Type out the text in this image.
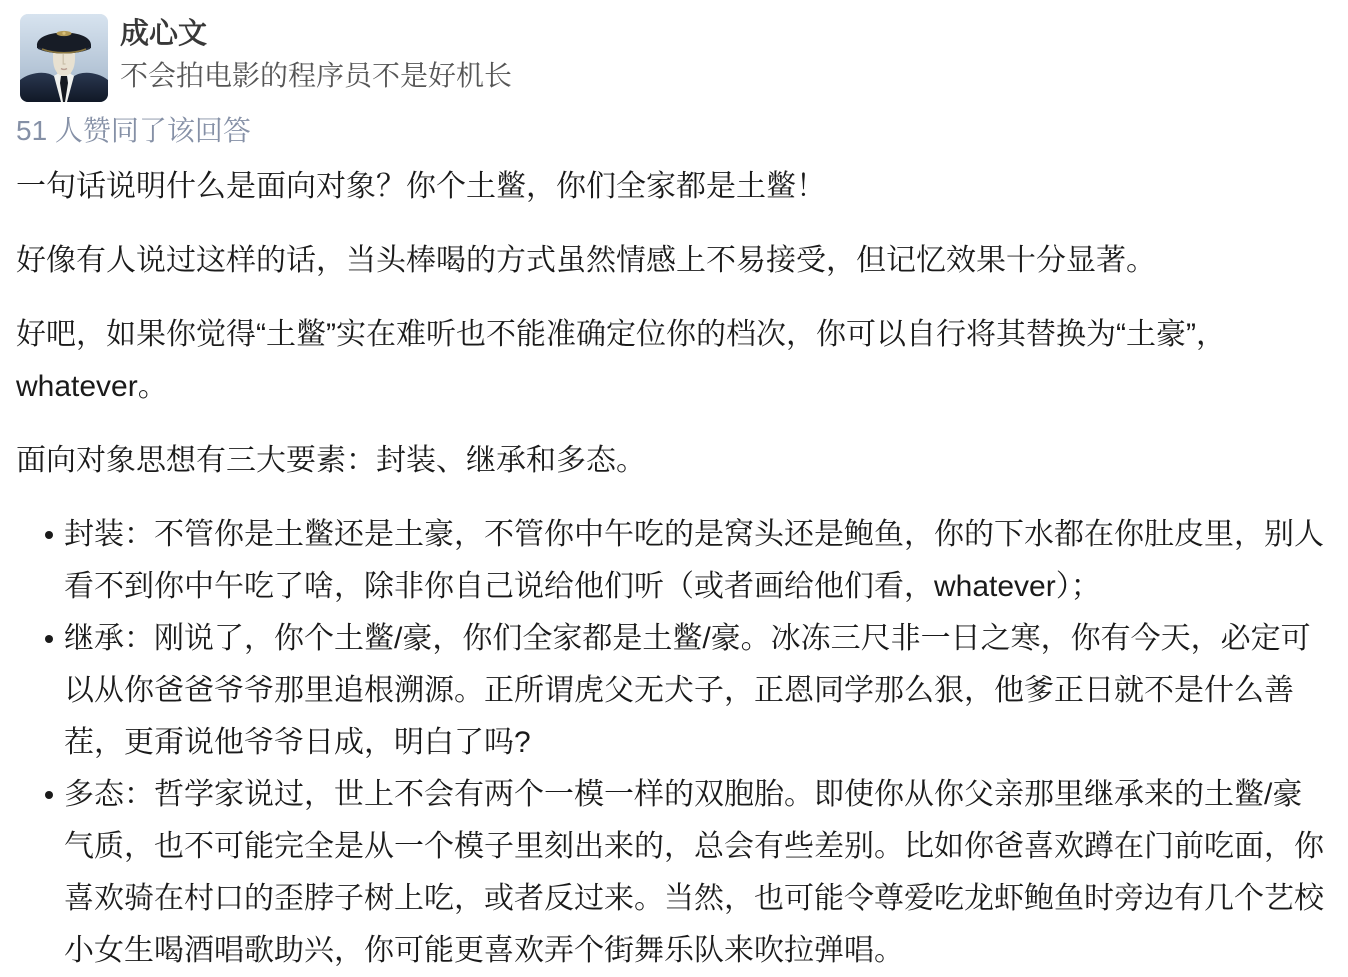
成心文
不会拍电影的程序员不是好机长
51 人赞同了该回答

一句话说明什么是面向对象？你个土鳖，你们全家都是土鳖！

好像有人说过这样的话，当头棒喝的方式虽然情感上不易接受，但记忆效果十分显著。

好吧，如果你觉得“土鳖”实在难听也不能准确定位你的档次，你可以自行将其替换为“土豪”，whatever。

面向对象思想有三大要素：封装、继承和多态。

封装：不管你是土鳖还是土豪，不管你中午吃的是窝头还是鲍鱼，你的下水都在你肚皮里，别人看不到你中午吃了啥，除非你自己说给他们听（或者画给他们看，whatever）；
继承：刚说了，你个土鳖/豪，你们全家都是土鳖/豪。冰冻三尺非一日之寒，你有今天，必定可以从你爸爸爷爷那里追根溯源。正所谓虎父无犬子，正恩同学那么狠，他爹正日就不是什么善茬，更甭说他爷爷日成，明白了吗?
多态：哲学家说过，世上不会有两个一模一样的双胞胎。即使你从你父亲那里继承来的土鳖/豪气质，也不可能完全是从一个模子里刻出来的，总会有些差别。比如你爸喜欢蹲在门前吃面，你喜欢骑在村口的歪脖子树上吃，或者反过来。当然，也可能令尊爱吃龙虾鲍鱼时旁边有几个艺校小女生喝酒唱歌助兴，你可能更喜欢弄个街舞乐队来吹拉弹唱。
